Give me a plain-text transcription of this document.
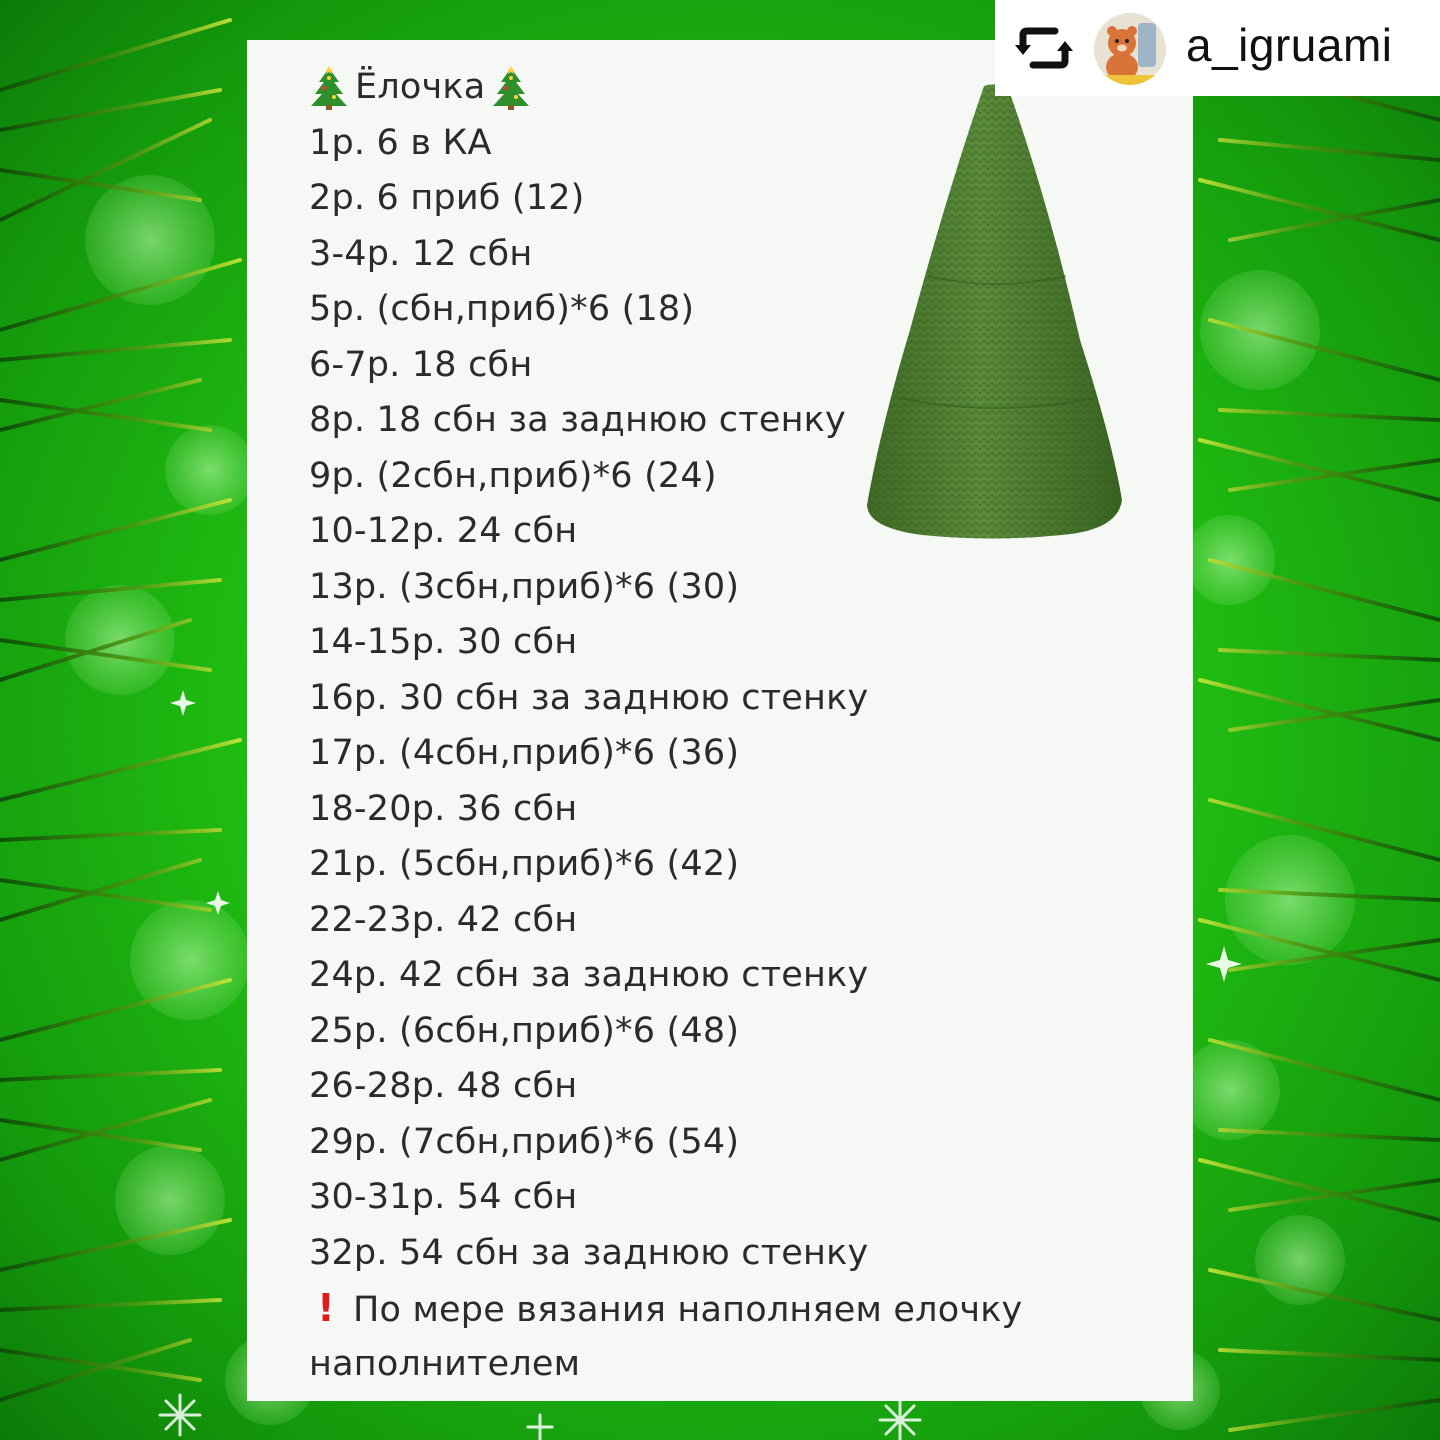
Ёлочка
1р. 6 в КА
2р. 6 приб (12)
3-4р. 12 сбн
5р. (сбн,приб)*6 (18)
6-7р. 18 сбн
8р. 18 сбн за заднюю стенку
9р. (2сбн,приб)*6 (24)
10-12р. 24 сбн
13р. (3сбн,приб)*6 (30)
14-15р. 30 сбн
16р. 30 сбн за заднюю стенку
17р. (4сбн,приб)*6 (36)
18-20р. 36 сбн
21р. (5сбн,приб)*6 (42)
22-23р. 42 сбн
24р. 42 сбн за заднюю стенку
25р. (6сбн,приб)*6 (48)
26-28р. 48 сбн
29р. (7сбн,приб)*6 (54)
30-31р. 54 сбн
32р. 54 сбн за заднюю стенку
! По мере вязания наполняем елочку
наполнителем
a_igruami
